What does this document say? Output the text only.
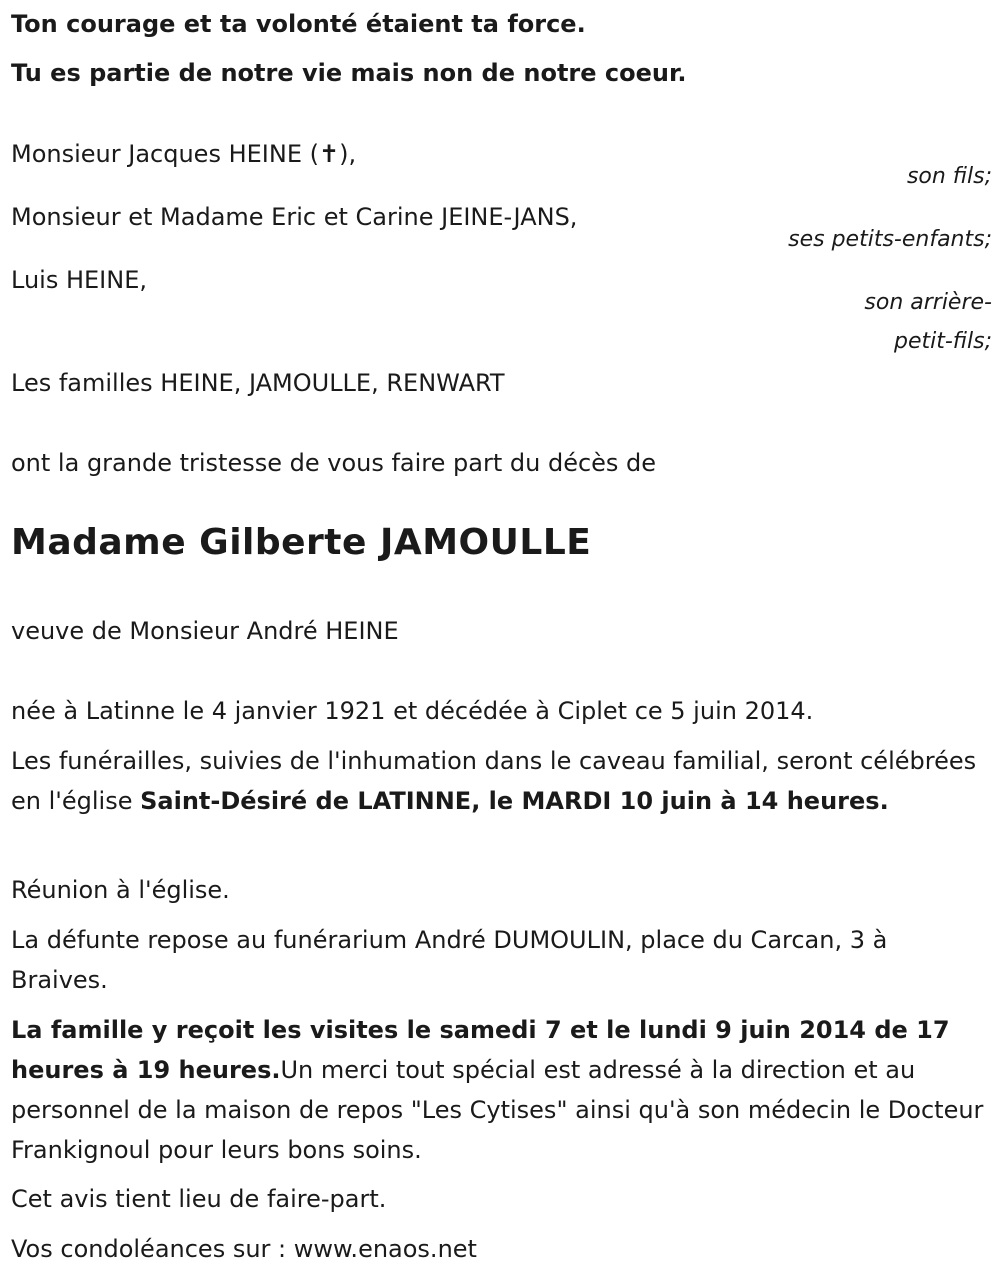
Ton courage et ta volonté étaient ta force.
Tu es partie de notre vie mais non de notre coeur.
Monsieur Jacques HEINE (✝),
son fils;
Monsieur et Madame Eric et Carine JEINE-JANS,
ses petits-enfants;
Luis HEINE,
son arrière-
petit-fils;
Les familles HEINE, JAMOULLE, RENWART
ont la grande tristesse de vous faire part du décès de
Madame Gilberte JAMOULLE
veuve de Monsieur André HEINE
née à Latinne le 4 janvier 1921 et décédée à Ciplet ce 5 juin 2014.
Les funérailles, suivies de l'inhumation dans le caveau familial, seront célébrées en l'église Saint-Désiré de LATINNE, le MARDI 10 juin à 14 heures.
Réunion à l'église.
La défunte repose au funérarium André DUMOULIN, place du Carcan, 3 à Braives.
La famille y reçoit les visites le samedi 7 et le lundi 9 juin 2014 de 17 heures à 19 heures.Un merci tout spécial est adressé à la direction et au personnel de la maison de repos "Les Cytises" ainsi qu'à son médecin le Docteur Frankignoul pour leurs bons soins.
Cet avis tient lieu de faire-part.
Vos condoléances sur : www.enaos.net
